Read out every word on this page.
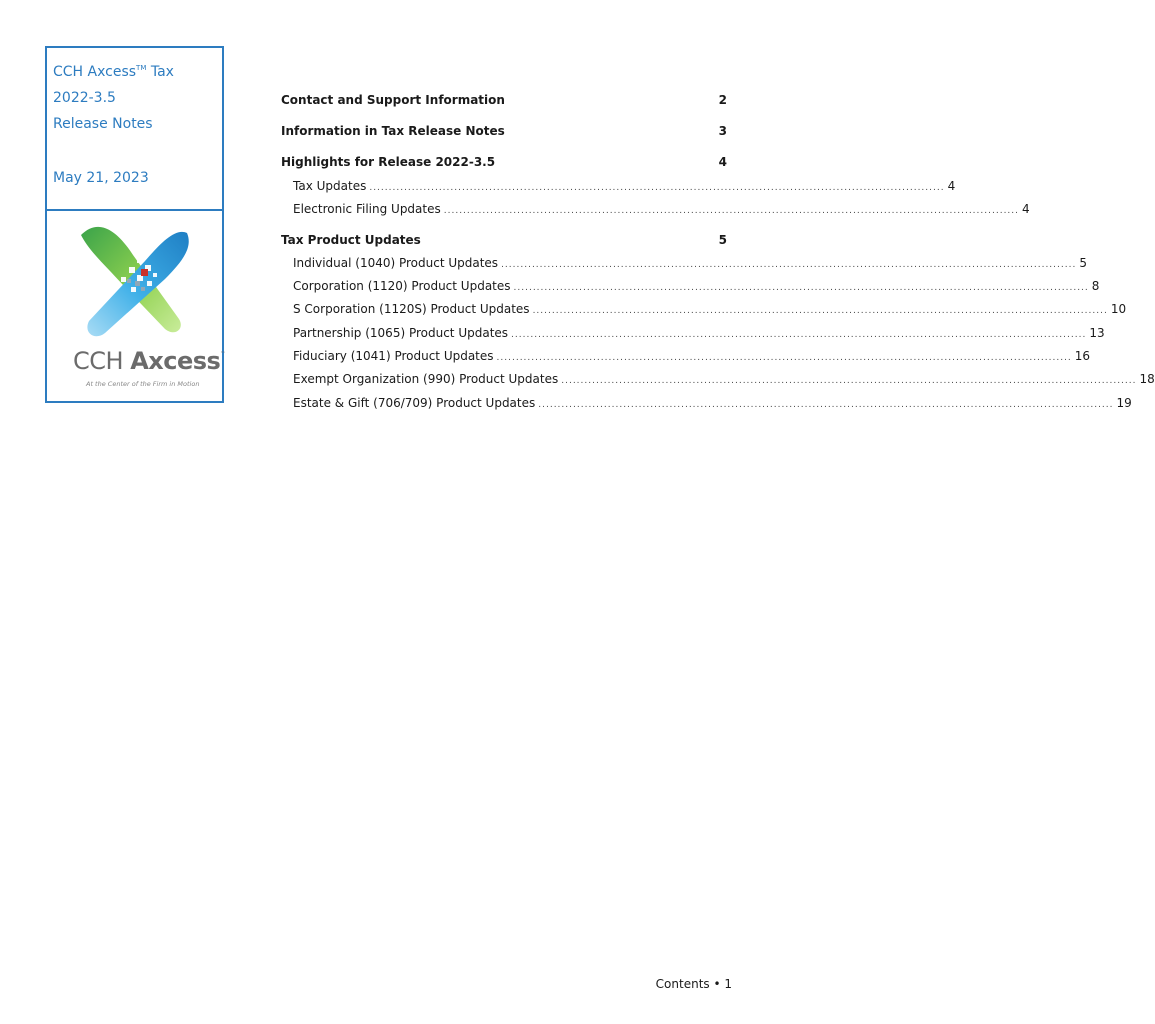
CCH Axcess™ Tax
2022-3.5
Release Notes
May 21, 2023
CCH Axcess™
At the Center of the Firm in Motion
Contact and Support Information	2
Information in Tax Release Notes	3
Highlights for Release 2022-3.5	4
Tax Updates ..................................................................................................................................................... 4
Electronic Filing Updates ..................................................................................................................................................... 4
Tax Product Updates	5
Individual (1040) Product Updates ..................................................................................................................................................... 5
Corporation (1120) Product Updates ..................................................................................................................................................... 8
S Corporation (1120S) Product Updates ..................................................................................................................................................... 10
Partnership (1065) Product Updates ..................................................................................................................................................... 13
Fiduciary (1041) Product Updates ..................................................................................................................................................... 16
Exempt Organization (990) Product Updates ..................................................................................................................................................... 18
Estate & Gift (706/709) Product Updates ..................................................................................................................................................... 19
Contents • 1
